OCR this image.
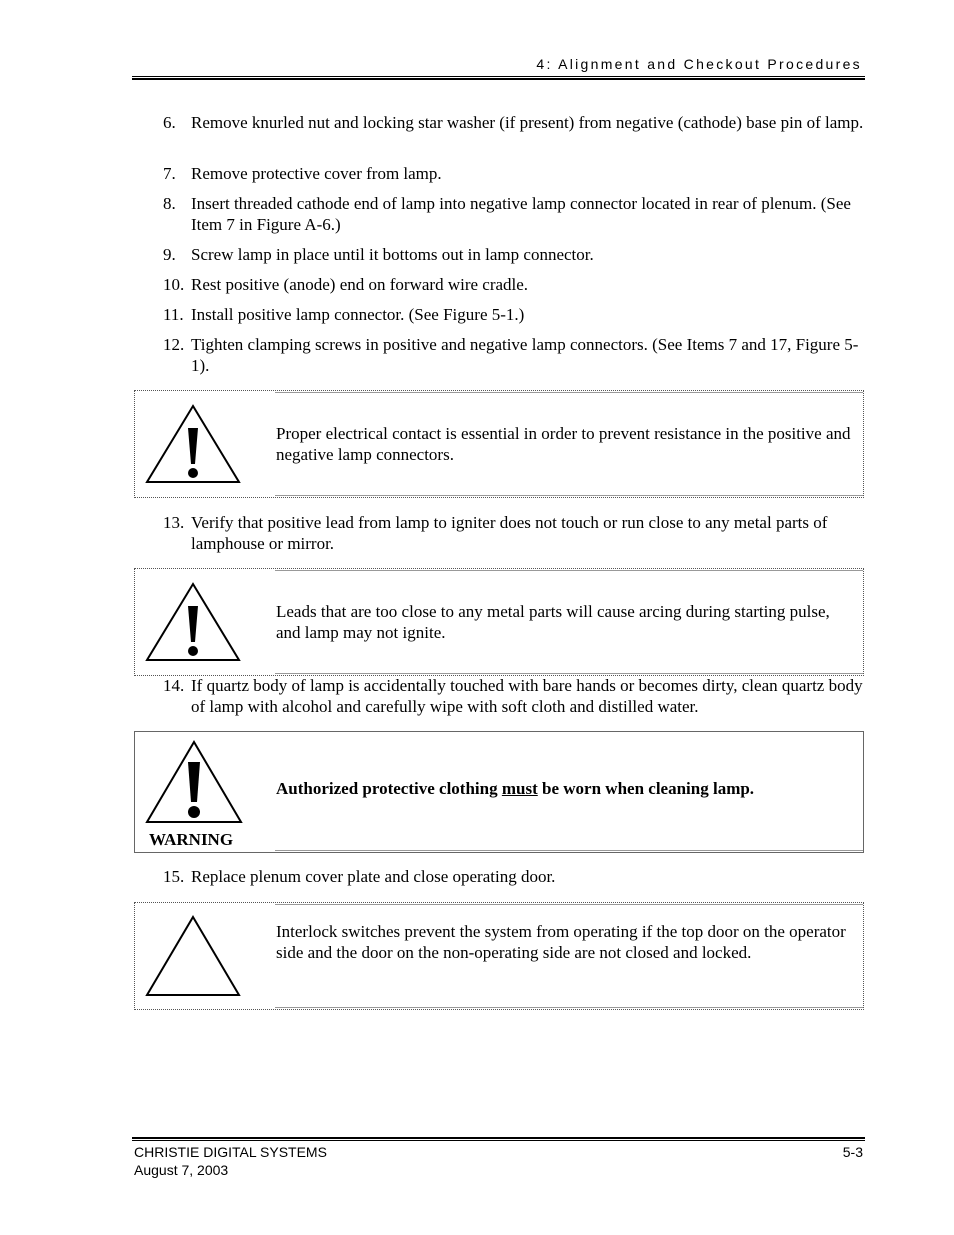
4: Alignment and Checkout Procedures
6. Remove knurled nut and locking star washer (if present) from negative (cathode) base pin of lamp.
7. Remove protective cover from lamp.
8. Insert threaded cathode end of lamp into negative lamp connector located in rear of plenum. (See Item 7 in Figure A-6.)
9. Screw lamp in place until it bottoms out in lamp connector.
10. Rest positive (anode) end on forward wire cradle.
11. Install positive lamp connector. (See Figure 5-1.)
12. Tighten clamping screws in positive and negative lamp connectors. (See Items 7 and 17, Figure 5-1).
Proper electrical contact is essential in order to prevent resistance in the positive and negative lamp connectors.
13. Verify that positive lead from lamp to igniter does not touch or run close to any metal parts of lamphouse or mirror.
Leads that are too close to any metal parts will cause arcing during starting pulse, and lamp may not ignite.
14. If quartz body of lamp is accidentally touched with bare hands or becomes dirty, clean quartz body of lamp with alcohol and carefully wipe with soft cloth and distilled water.
WARNING
Authorized protective clothing must be worn when cleaning lamp.
15. Replace plenum cover plate and close operating door.
Interlock switches prevent the system from operating if the top door on the operator side and the door on the non-operating side are not closed and locked.
CHRISTIE DIGITAL SYSTEMS
August 7, 2003
5-3
